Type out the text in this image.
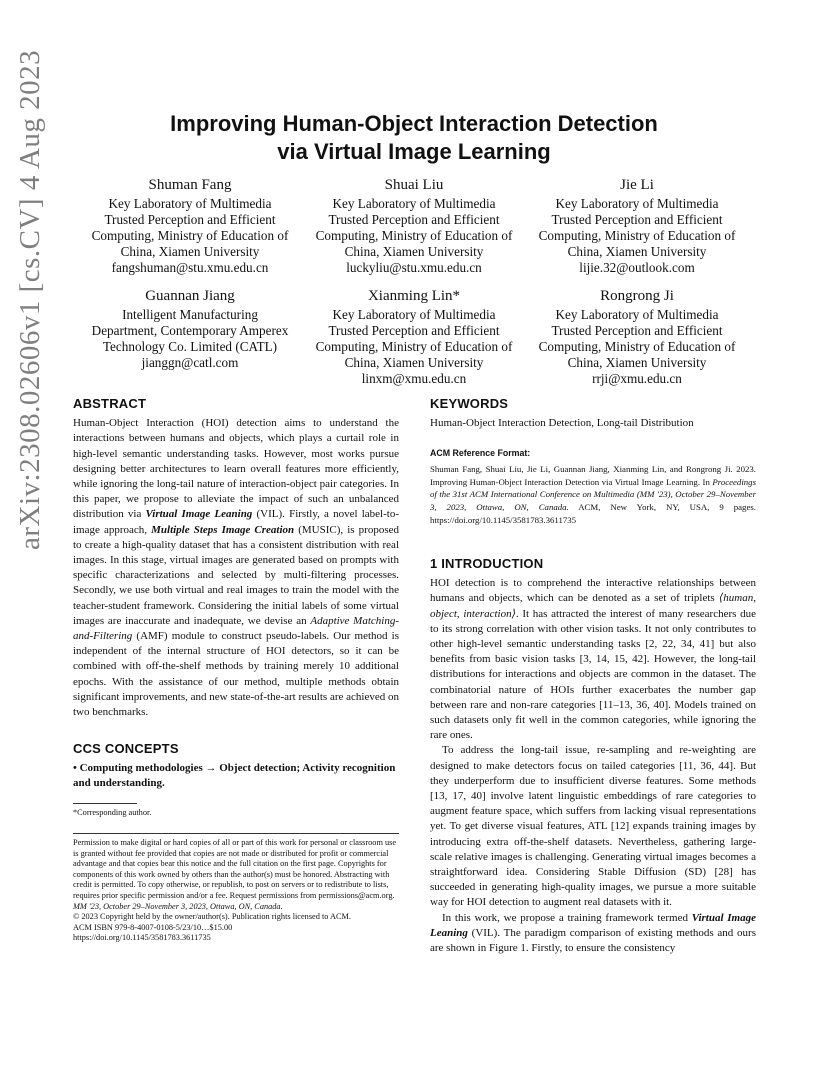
arXiv:2308.02606v1 [cs.CV] 4 Aug 2023	Improving Human-Object Interaction Detection
via Virtual Image Learning
Shuman Fang
Key Laboratory of Multimedia
Trusted Perception and Efficient
Computing, Ministry of Education of
China, Xiamen University
fangshuman@stu.xmu.edu.cn
Shuai Liu
Key Laboratory of Multimedia
Trusted Perception and Efficient
Computing, Ministry of Education of
China, Xiamen University
luckyliu@stu.xmu.edu.cn
Jie Li
Key Laboratory of Multimedia
Trusted Perception and Efficient
Computing, Ministry of Education of
China, Xiamen University
lijie.32@outlook.com
Guannan Jiang
Intelligent Manufacturing
Department, Contemporary Amperex
Technology Co. Limited (CATL)
jianggn@catl.com
Xianming Lin*
Key Laboratory of Multimedia
Trusted Perception and Efficient
Computing, Ministry of Education of
China, Xiamen University
linxm@xmu.edu.cn
Rongrong Ji
Key Laboratory of Multimedia
Trusted Perception and Efficient
Computing, Ministry of Education of
China, Xiamen University
rrji@xmu.edu.cn
ABSTRACT

Human-Object Interaction (HOI) detection aims to understand the interactions between humans and objects, which plays a curtail role in high-level semantic understanding tasks. However, most works pursue designing better architectures to learn overall features more efficiently, while ignoring the long-tail nature of interaction-object pair categories. In this paper, we propose to alleviate the impact of such an unbalanced distribution via Virtual Image Leaning (VIL). Firstly, a novel label-to-image approach, Multiple Steps Image Creation (MUSIC), is proposed to create a high-quality dataset that has a consistent distribution with real images. In this stage, virtual images are generated based on prompts with specific characterizations and selected by multi-filtering processes. Secondly, we use both virtual and real images to train the model with the teacher-student framework. Considering the initial labels of some virtual images are inaccurate and inadequate, we devise an Adaptive Matching-and-Filtering (AMF) module to construct pseudo-labels. Our method is independent of the internal structure of HOI detectors, so it can be combined with off-the-shelf methods by training merely 10 additional epochs. With the assistance of our method, multiple methods obtain significant improvements, and new state-of-the-art results are achieved on two benchmarks.

CCS CONCEPTS

• Computing methodologies → Object detection; Activity recognition and understanding.

*Corresponding author.

Permission to make digital or hard copies of all or part of this work for personal or classroom use is granted without fee provided that copies are not made or distributed for profit or commercial advantage and that copies bear this notice and the full citation on the first page. Copyrights for components of this work owned by others than the author(s) must be honored. Abstracting with credit is permitted. To copy otherwise, or republish, to post on servers or to redistribute to lists, requires prior specific permission and/or a fee. Request permissions from permissions@acm.org.

MM '23, October 29–November 3, 2023, Ottawa, ON, Canada.

© 2023 Copyright held by the owner/author(s). Publication rights licensed to ACM.

ACM ISBN 979-8-4007-0108-5/23/10…$15.00

https://doi.org/10.1145/3581783.3611735

KEYWORDS

Human-Object Interaction Detection, Long-tail Distribution

ACM Reference Format:

Shuman Fang, Shuai Liu, Jie Li, Guannan Jiang, Xianming Lin, and Rongrong Ji. 2023. Improving Human-Object Interaction Detection via Virtual Image Learning. In Proceedings of the 31st ACM International Conference on Multimedia (MM '23), October 29–November 3, 2023, Ottawa, ON, Canada. ACM, New York, NY, USA, 9 pages. https://doi.org/10.1145/3581783.3611735

1 INTRODUCTION

HOI detection is to comprehend the interactive relationships between humans and objects, which can be denoted as a set of triplets ⟨human, object, interaction⟩. It has attracted the interest of many researchers due to its strong correlation with other vision tasks. It not only contributes to other high-level semantic understanding tasks [2, 22, 34, 41] but also benefits from basic vision tasks [3, 14, 15, 42]. However, the long-tail distributions for interactions and objects are common in the dataset. The combinatorial nature of HOIs further exacerbates the number gap between rare and non-rare categories [11–13, 36, 40]. Models trained on such datasets only fit well in the common categories, while ignoring the rare ones.

To address the long-tail issue, re-sampling and re-weighting are designed to make detectors focus on tailed categories [11, 36, 44]. But they underperform due to insufficient diverse features. Some methods [13, 17, 40] involve latent linguistic embeddings of rare categories to augment feature space, which suffers from lacking visual representations yet. To get diverse visual features, ATL [12] expands training images by introducing extra off-the-shelf datasets. Nevertheless, gathering large-scale relative images is challenging. Generating virtual images becomes a straightforward idea. Considering Stable Diffusion (SD) [28] has succeeded in generating high-quality images, we pursue a more suitable way for HOI detection to augment real datasets with it.

In this work, we propose a training framework termed Virtual Image Leaning (VIL). The paradigm comparison of existing methods and ours are shown in Figure 1. Firstly, to ensure the consistency
